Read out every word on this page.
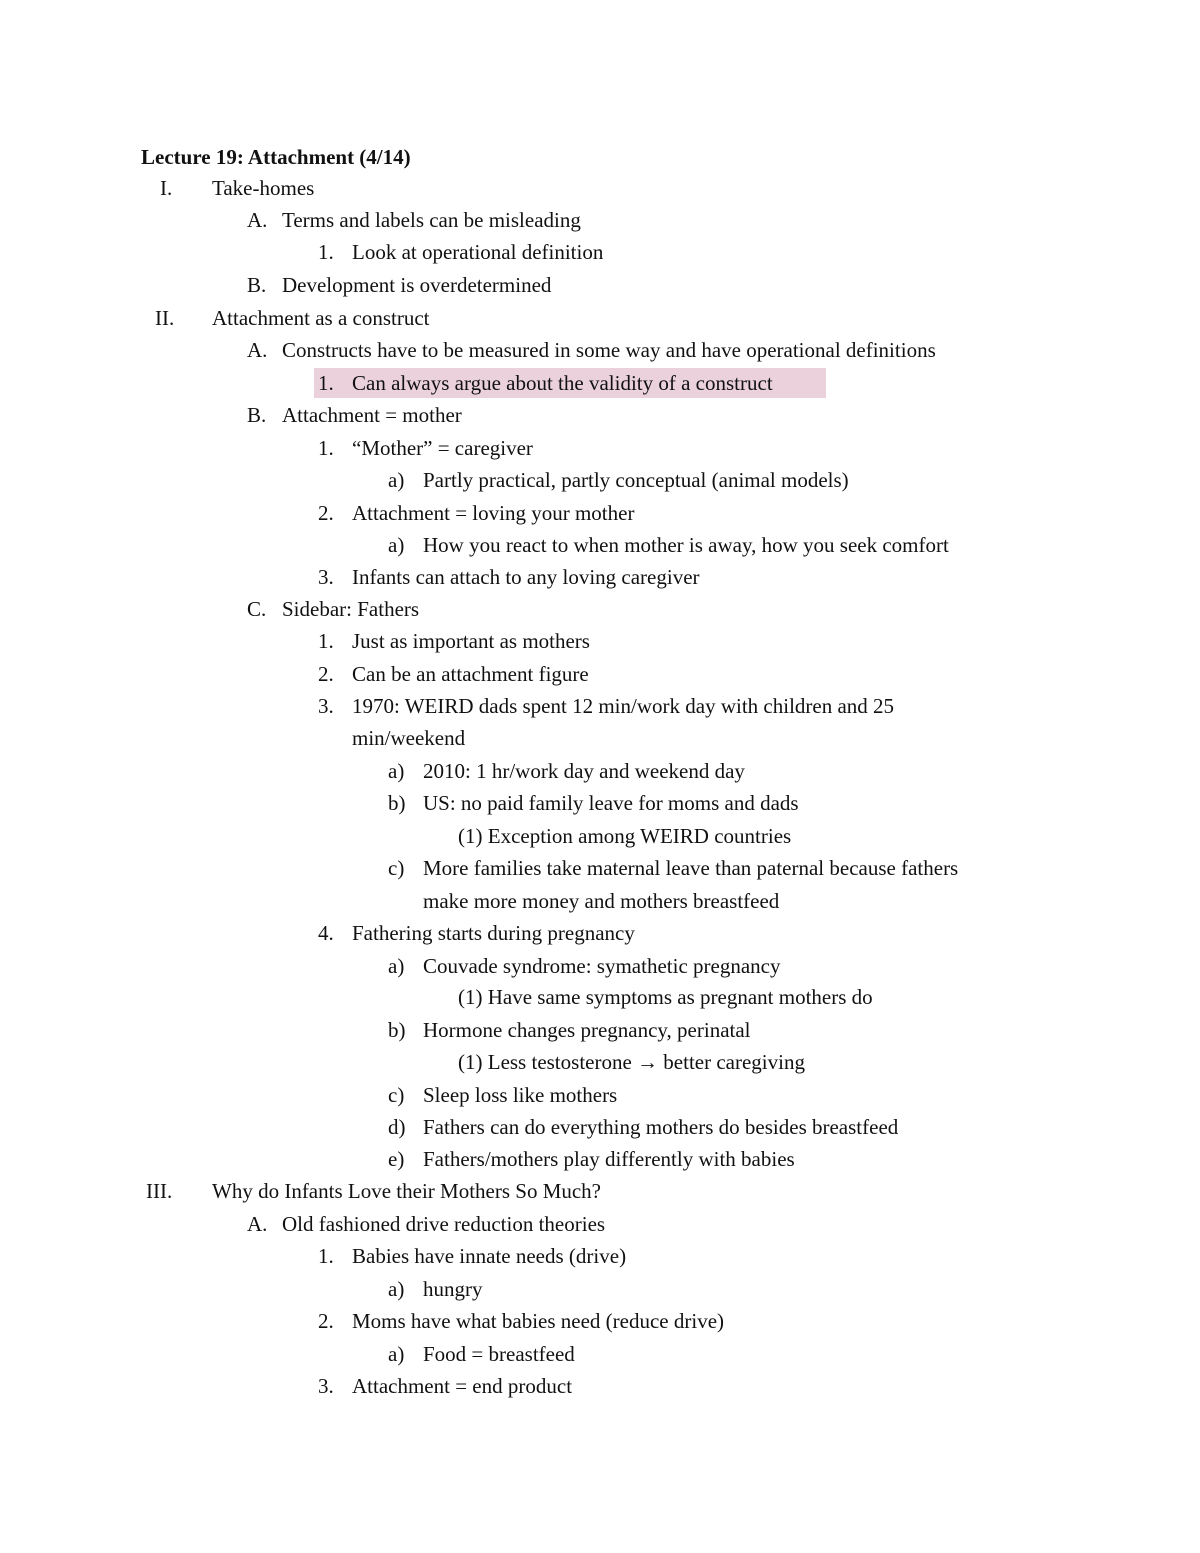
Lecture 19: Attachment (4/14)
I. Take-homes
A. Terms and labels can be misleading
1. Look at operational definition
B. Development is overdetermined
II. Attachment as a construct
A. Constructs have to be measured in some way and have operational definitions
1. Can always argue about the validity of a construct
B. Attachment = mother
1. “Mother” = caregiver
a) Partly practical, partly conceptual (animal models)
2. Attachment = loving your mother
a) How you react to when mother is away, how you seek comfort
3. Infants can attach to any loving caregiver
C. Sidebar: Fathers
1. Just as important as mothers
2. Can be an attachment figure
3. 1970: WEIRD dads spent 12 min/work day with children and 25
min/weekend
a) 2010: 1 hr/work day and weekend day
b) US: no paid family leave for moms and dads
(1) Exception among WEIRD countries
c) More families take maternal leave than paternal because fathers
make more money and mothers breastfeed
4. Fathering starts during pregnancy
a) Couvade syndrome: symathetic pregnancy
(1) Have same symptoms as pregnant mothers do
b) Hormone changes pregnancy, perinatal
(1) Less testosterone → better caregiving
c) Sleep loss like mothers
d) Fathers can do everything mothers do besides breastfeed
e) Fathers/mothers play differently with babies
III. Why do Infants Love their Mothers So Much?
A. Old fashioned drive reduction theories
1. Babies have innate needs (drive)
a) hungry
2. Moms have what babies need (reduce drive)
a) Food = breastfeed
3. Attachment = end product
